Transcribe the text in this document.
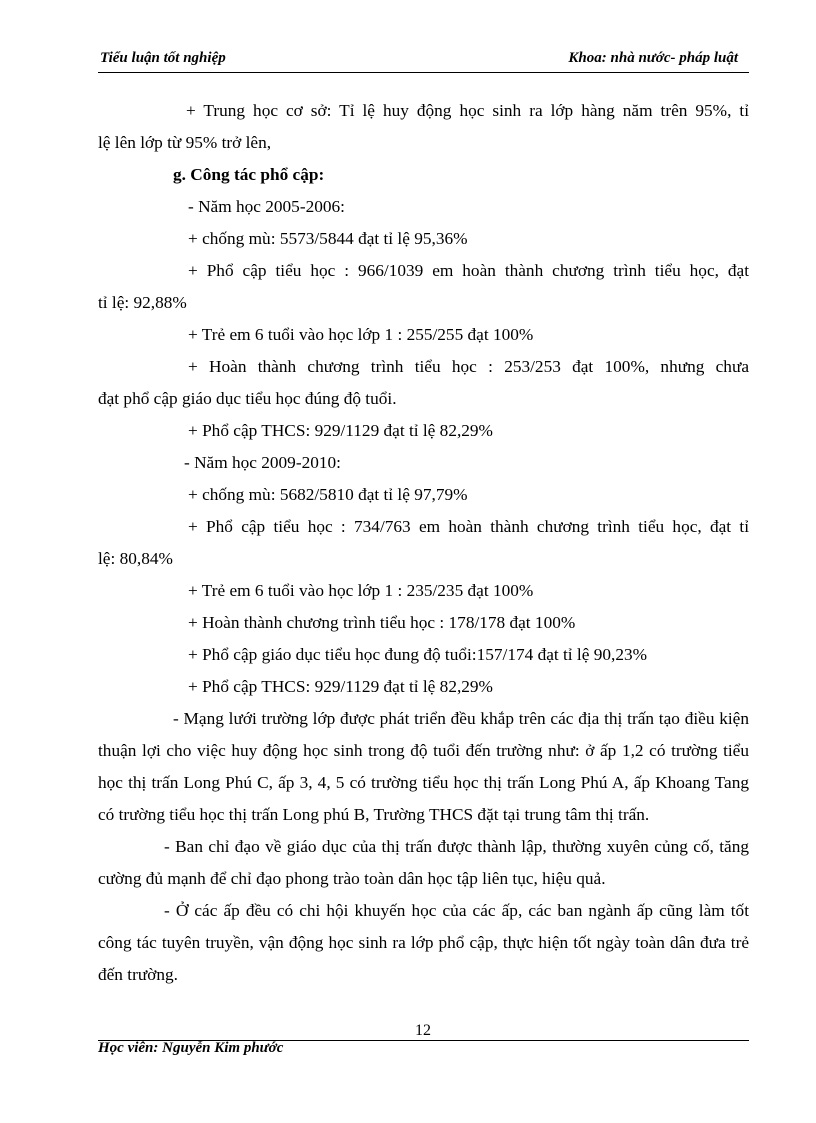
Tiểu luận tốt nghiệp	Khoa: nhà nước- pháp luật

+ Trung học cơ sở: Tỉ lệ huy động học sinh ra lớp hàng năm trên 95%, tỉ
lệ lên lớp từ 95% trở lên,

g. Công tác phổ cập:

- Năm học 2005-2006:

+ chống mù: 5573/5844 đạt tỉ lệ 95,36%

+ Phổ cập tiểu học : 966/1039 em hoàn thành chương trình tiểu học, đạt
tỉ lệ: 92,88%

+ Trẻ em 6 tuổi vào học lớp 1 : 255/255 đạt 100%

+ Hoàn thành chương trình tiểu học : 253/253 đạt 100%, nhưng chưa
đạt phổ cập giáo dục tiểu học đúng độ tuổi.

+ Phổ cập THCS: 929/1129 đạt tỉ lệ 82,29%

- Năm học 2009-2010:

+ chống mù: 5682/5810 đạt tỉ lệ 97,79%

+ Phổ cập tiểu học : 734/763 em hoàn thành chương trình tiểu học, đạt tỉ
lệ: 80,84%

+ Trẻ em 6 tuổi vào học lớp 1 : 235/235 đạt 100%

+ Hoàn thành chương trình tiểu học : 178/178 đạt 100%

+ Phổ cập giáo dục tiểu học đung độ tuổi:157/174 đạt tỉ lệ 90,23%

+ Phổ cập THCS: 929/1129 đạt tỉ lệ 82,29%

- Mạng lưới trường lớp được phát triển đều khắp trên các địa thị trấn tạo điều kiện thuận lợi cho việc huy động học sinh trong độ tuổi đến trường như: ở ấp 1,2 có trường tiểu học thị trấn Long Phú C, ấp 3, 4, 5 có trường tiểu học thị trấn Long Phú A, ấp Khoang Tang có trường tiểu học thị trấn Long phú B, Trường THCS đặt tại trung tâm thị trấn.

- Ban chỉ đạo về giáo dục của thị trấn được thành lập, thường xuyên củng cố, tăng cường đủ mạnh để chỉ đạo phong trào toàn dân học tập liên tục, hiệu quả.

- Ở các ấp đều có chi hội khuyến học của các ấp, các ban ngành ấp cũng làm tốt công tác tuyên truyền, vận động học sinh ra lớp phổ cập, thực hiện tốt ngày toàn dân đưa trẻ đến trường.

12
Học viên: Nguyễn Kim phước
